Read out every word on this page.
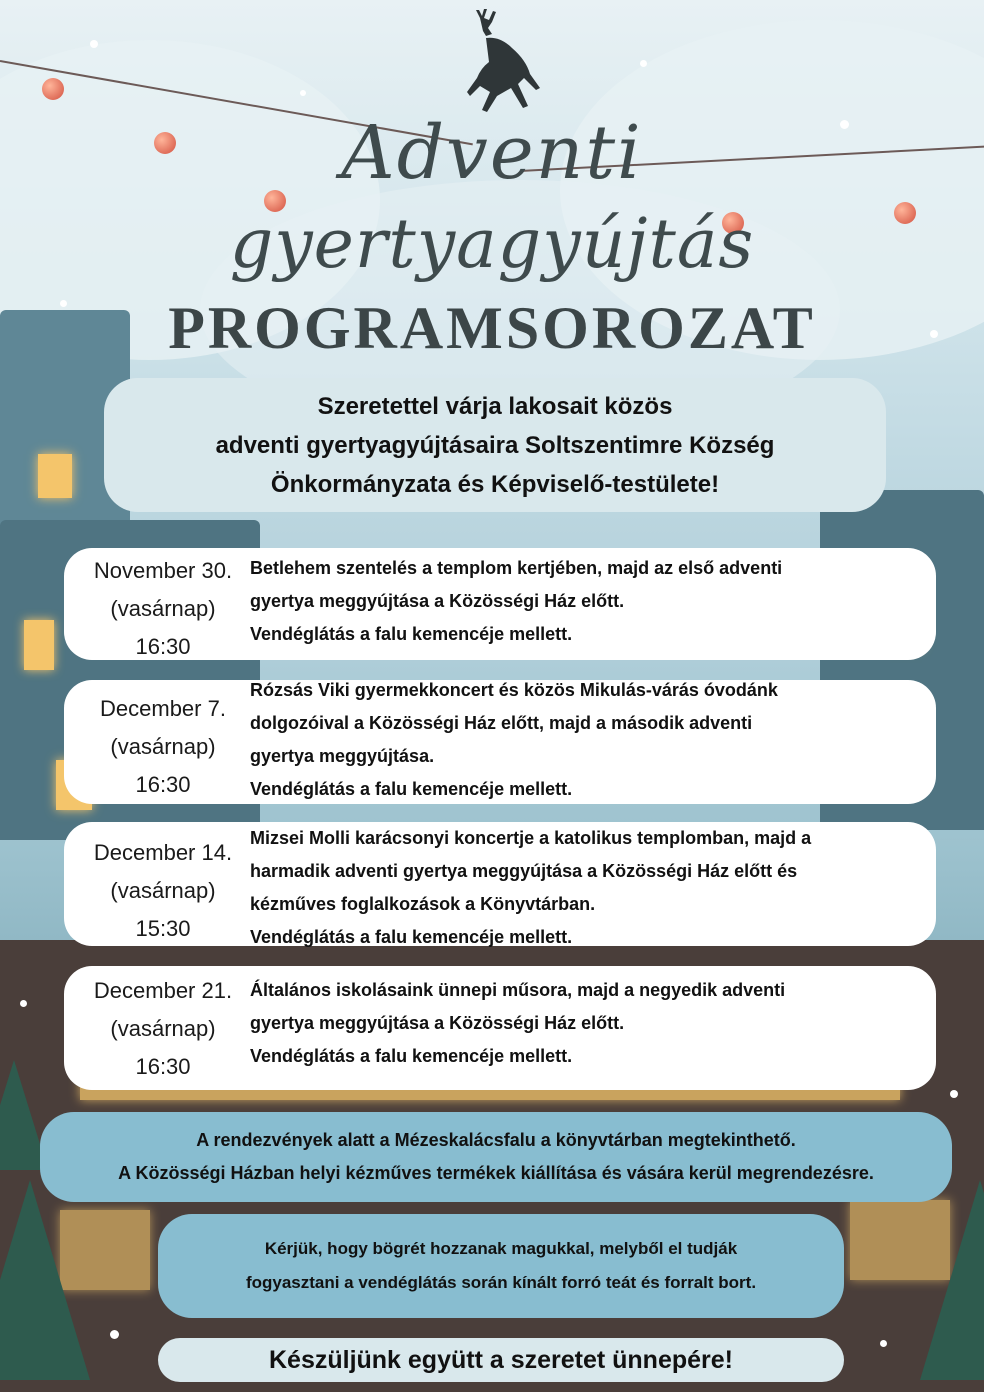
Adventi
gyertyagyújtás
PROGRAMSOROZAT
Szeretettel várja lakosait közös
adventi gyertyagyújtásaira Soltszentimre Község
Önkormányzata és Képviselő-testülete!
November 30.
(vasárnap)
16:30

Betlehem szentelés a templom kertjében, majd az első adventi

gyertya meggyújtása a Közösségi Ház előtt.

Vendéglátás a falu kemencéje mellett.

December 7.
(vasárnap)
16:30

Rózsás Viki gyermekkoncert és közös Mikulás-várás óvodánk

dolgozóival a Közösségi Ház előtt, majd a második adventi

gyertya meggyújtása.

Vendéglátás a falu kemencéje mellett.

December 14.
(vasárnap)
15:30

Mizsei Molli karácsonyi koncertje a katolikus templomban, majd a

harmadik adventi gyertya meggyújtása a Közösségi Ház előtt és

kézműves foglalkozások a Könyvtárban.

Vendéglátás a falu kemencéje mellett.

December 21.
(vasárnap)
16:30

Általános iskolásaink ünnepi műsora, majd a negyedik adventi

gyertya meggyújtása a Közösségi Ház előtt.

Vendéglátás a falu kemencéje mellett.

A rendezvények alatt a Mézeskalácsfalu a könyvtárban megtekinthető.
A Közösségi Házban helyi kézműves termékek kiállítása és vására kerül megrendezésre.
Kérjük, hogy bögrét hozzanak magukkal, melyből el tudják
fogyasztani a vendéglátás során kínált forró teát és forralt bort.
Készüljünk együtt a szeretet ünnepére!
